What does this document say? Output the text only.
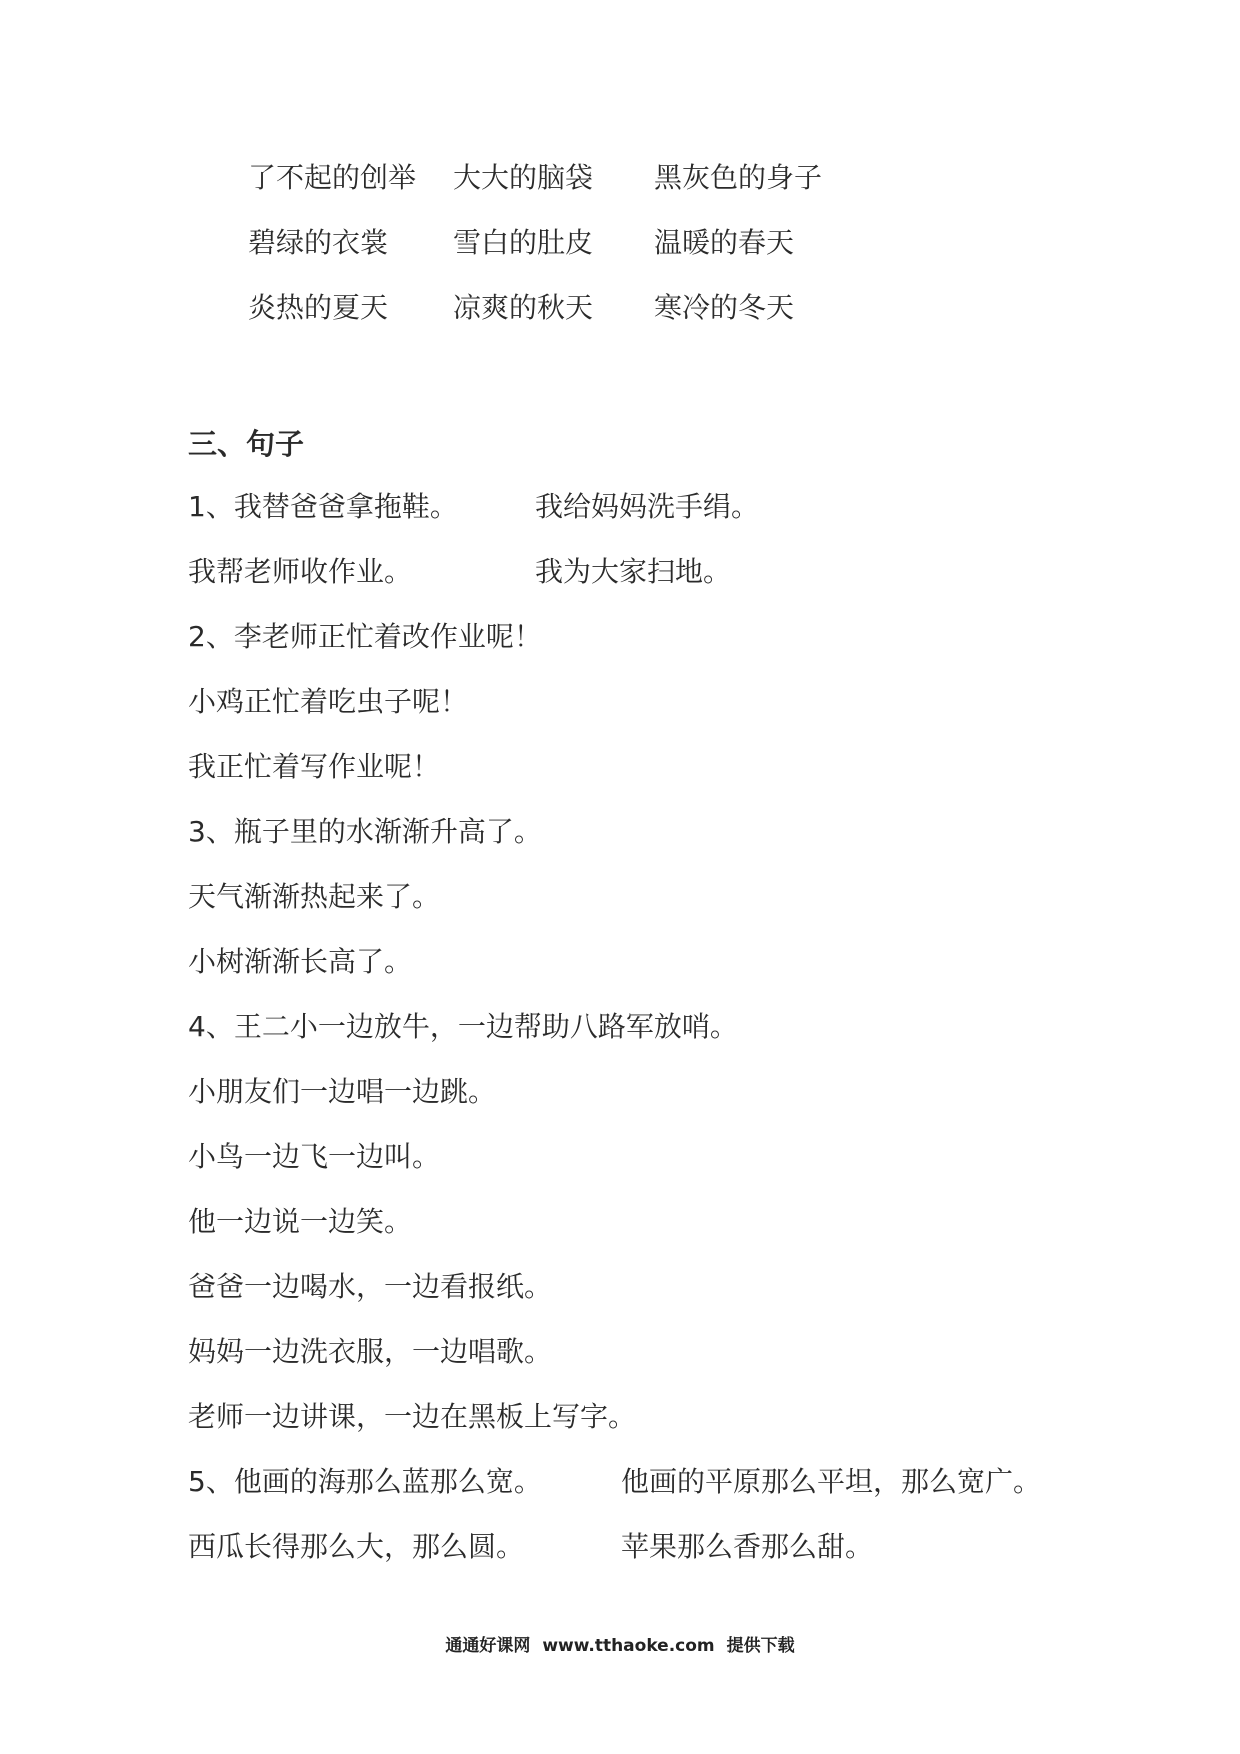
了不起的创举 大大的脑袋 黑灰色的身子
碧绿的衣裳 雪白的肚皮 温暖的春天
炎热的夏天 凉爽的秋天 寒冷的冬天
三、句子
1、我替爸爸拿拖鞋。	我给妈妈洗手绢。
我帮老师收作业。	我为大家扫地。
2、李老师正忙着改作业呢！
小鸡正忙着吃虫子呢！
我正忙着写作业呢！
3、瓶子里的水渐渐升高了。
天气渐渐热起来了。
小树渐渐长高了。
4、王二小一边放牛，一边帮助八路军放哨。
小朋友们一边唱一边跳。
小鸟一边飞一边叫。
他一边说一边笑。
爸爸一边喝水，一边看报纸。
妈妈一边洗衣服，一边唱歌。
老师一边讲课，一边在黑板上写字。
5、他画的海那么蓝那么宽。	他画的平原那么平坦，那么宽广。
西瓜长得那么大，那么圆。	苹果那么香那么甜。
通通好课网 www.tthaoke.com 提供下载
